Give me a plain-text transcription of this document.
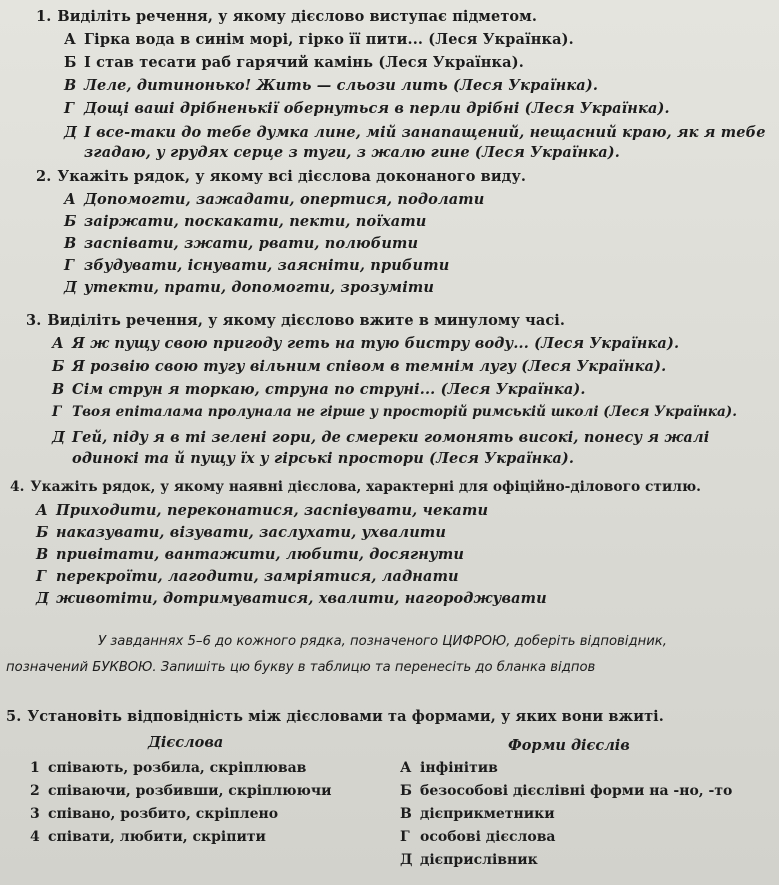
1. Виділіть речення, у якому дієслово виступає підметом.
А Гірка вода в синім морі, гірко її пити... (Леся Українка).
Б І став тесати раб гарячий камінь (Леся Українка).
В Леле, дитинонько! Жить — сльози лить (Леся Українка).
Г Дощі ваші дрібненькії обернуться в перли дрібні (Леся Українка).
Д І все-таки до тебе думка лине, мій занапащений, нещасний краю, як я тебе згадаю, у грудях серце з туги, з жалю гине (Леся Українка).
2. Укажіть рядок, у якому всі дієслова доконаного виду.
А Допомогти, зажадати, опертися, подолати
Б заіржати, поскакати, пекти, поїхати
В заспівати, зжати, рвати, полюбити
Г збудувати, існувати, заясніти, прибити
Д утекти, прати, допомогти, зрозуміти
3. Виділіть речення, у якому дієслово вжите в минулому часі.
А Я ж пущу свою пригоду геть на тую бистру воду... (Леся Українка).
Б Я розвію свою тугу вільним співом в темнім лугу (Леся Українка).
В Сім струн я торкаю, струна по струні... (Леся Українка).
Г Твоя епіталама пролунала не гірше у просторій римській школі (Леся Українка).
Д Гей, піду я в ті зелені гори, де смереки гомонять високі, понесу я жалі одинокі та й пущу їх у гірські простори (Леся Українка).
4. Укажіть рядок, у якому наявні дієслова, характерні для офіційно-ділового стилю.
А Приходити, переконатися, заспівувати, чекати
Б наказувати, візувати, заслухати, ухвалити
В привітати, вантажити, любити, досягнути
Г перекроїти, лагодити, замріятися, ладнати
Д животіти, дотримуватися, хвалити, нагороджувати
У завданнях 5–6 до кожного рядка, позначеного ЦИФРОЮ, доберіть відповідник,
позначений БУКВОЮ. Запишіть цю букву в таблицю та перенесіть до бланка відпов
5. Установіть відповідність між дієсловами та формами, у яких вони вжиті.
Дієслова	Форми дієслів
1 співають, розбила, скріплював
2 співаючи, розбивши, скріплюючи
3 співано, розбито, скріплено
4 співати, любити, скріпити
А інфінітив
Б безособові дієслівні форми на -но, -то
В дієприкметники
Г особові дієслова
Д дієприслівник
